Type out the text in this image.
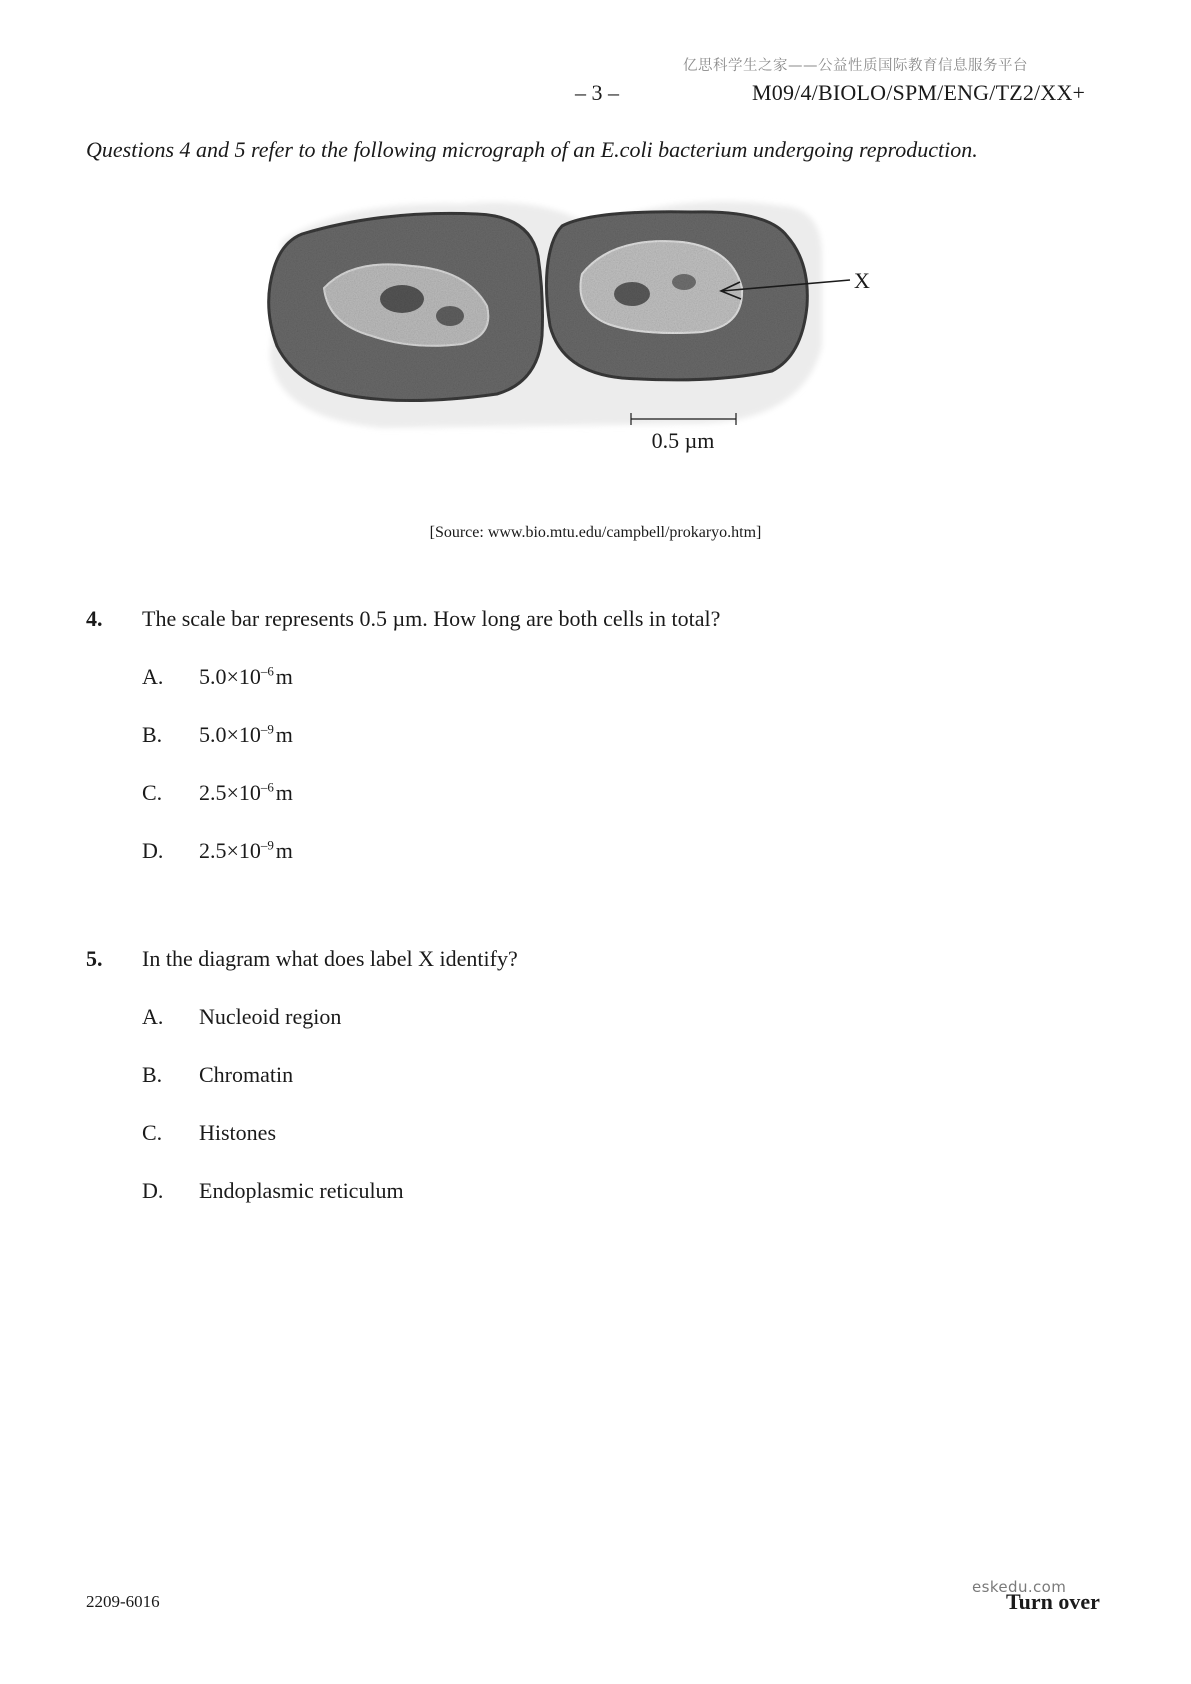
亿思科学生之家——公益性质国际教育信息服务平台
– 3 –	M09/4/BIOLO/SPM/ENG/TZ2/XX+
Questions 4 and 5 refer to the following micrograph of an E.coli bacterium undergoing reproduction.
X
0.5 µm
[Source: www.bio.mtu.edu/campbell/prokaryo.htm]
4. The scale bar represents 0.5 µm. How long are both cells in total?
A. $5.0\times 10^{-6}$ m
B. $5.0\times 10^{-9}$ m
C. $2.5\times 10^{-6}$ m
D. $2.5\times 10^{-9}$ m
5. In the diagram what does label X identify?
A. Nucleoid region
B. Chromatin
C. Histones
D. Endoplasmic reticulum
2209-6016
eskedu.com
Turn over
